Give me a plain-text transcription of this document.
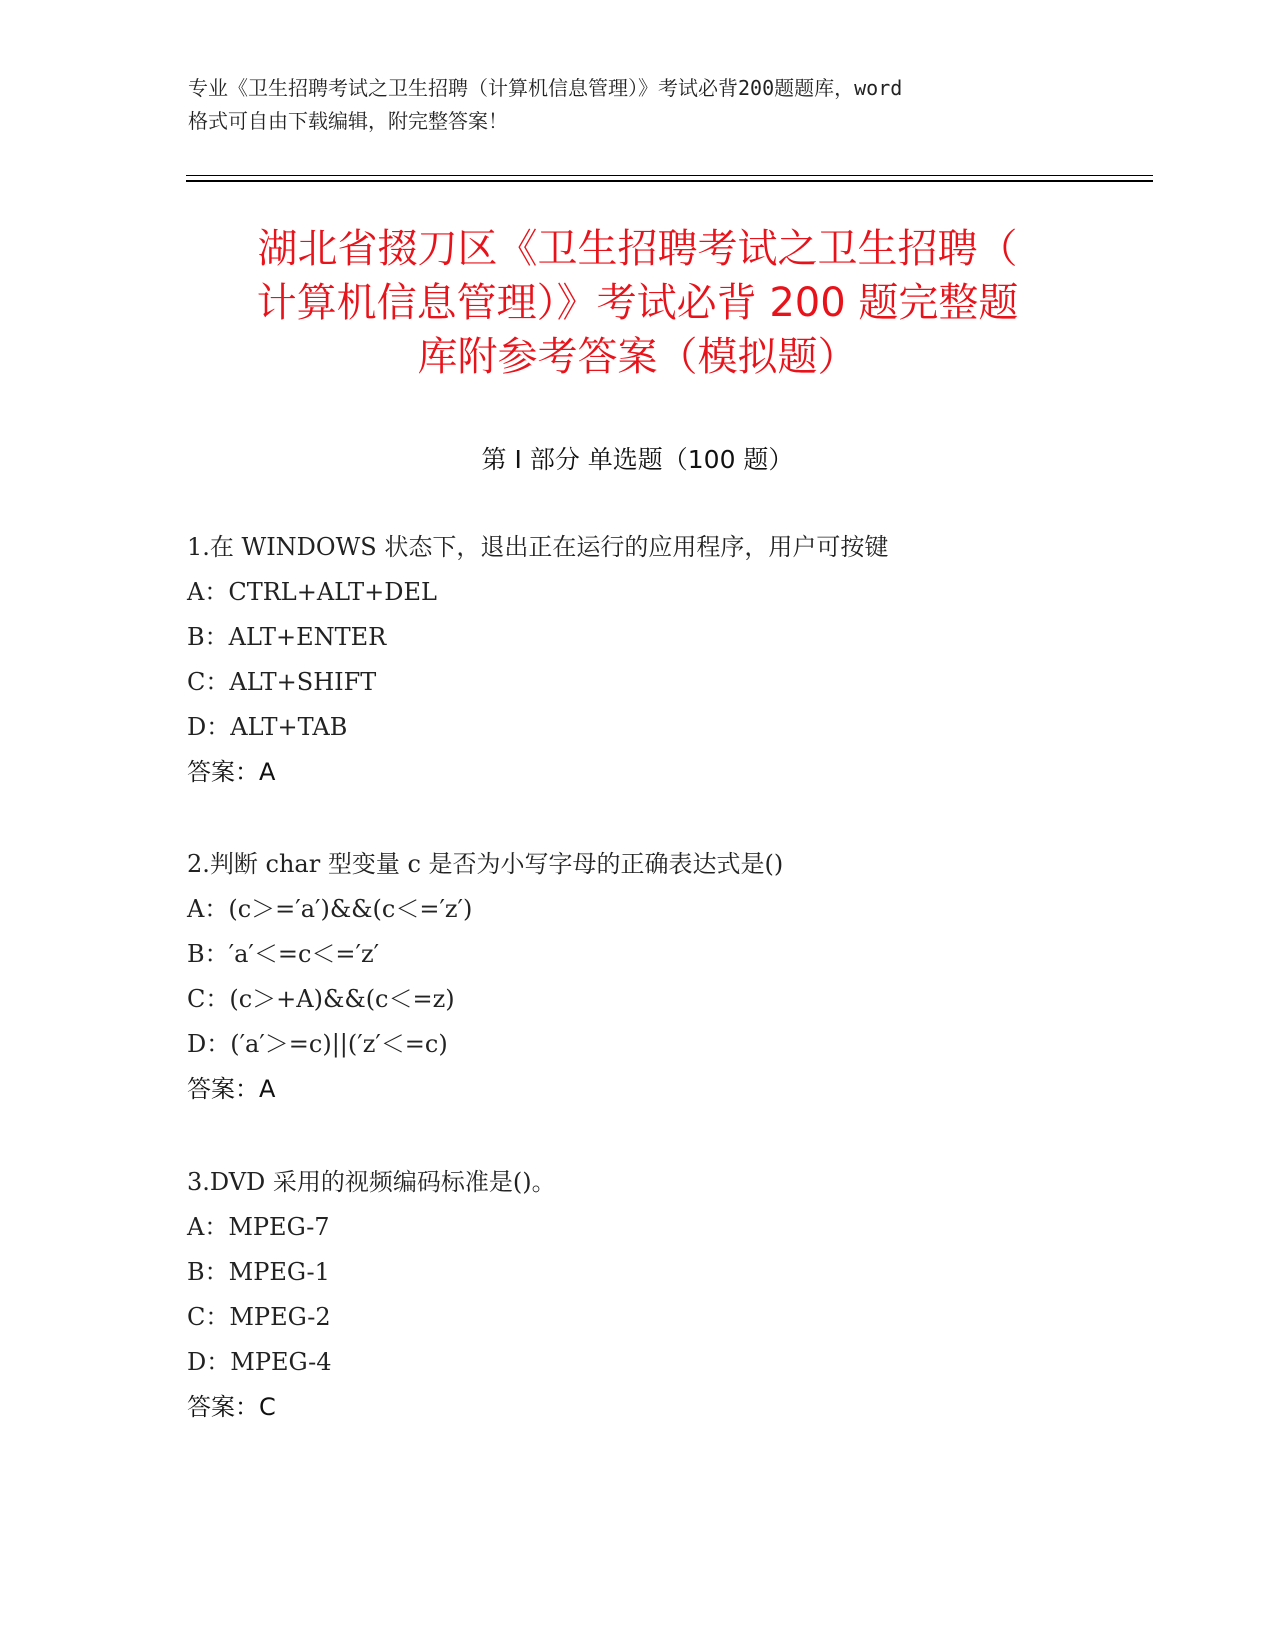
专业《卫生招聘考试之卫生招聘（计算机信息管理）》考试必背200题题库，word
格式可自由下载编辑，附完整答案！
湖北省掇刀区《卫生招聘考试之卫生招聘（
计算机信息管理）》考试必背 200 题完整题
库附参考答案（模拟题）
第 I 部分 单选题（100 题）
1.在 WINDOWS 状态下，退出正在运行的应用程序，用户可按键
A：CTRL+ALT+DEL
B：ALT+ENTER
C：ALT+SHIFT
D：ALT+TAB
答案：A
2.判断 char 型变量 c 是否为小写字母的正确表达式是()
A：(c＞=′a′)&&(c＜=′z′)
B：′a′＜=c＜=′z′
C：(c＞+A)&&(c＜=z)
D：(′a′＞=c)||(′z′＜=c)
答案：A
3.DVD 采用的视频编码标准是()。
A：MPEG-7
B：MPEG-1
C：MPEG-2
D：MPEG-4
答案：C
